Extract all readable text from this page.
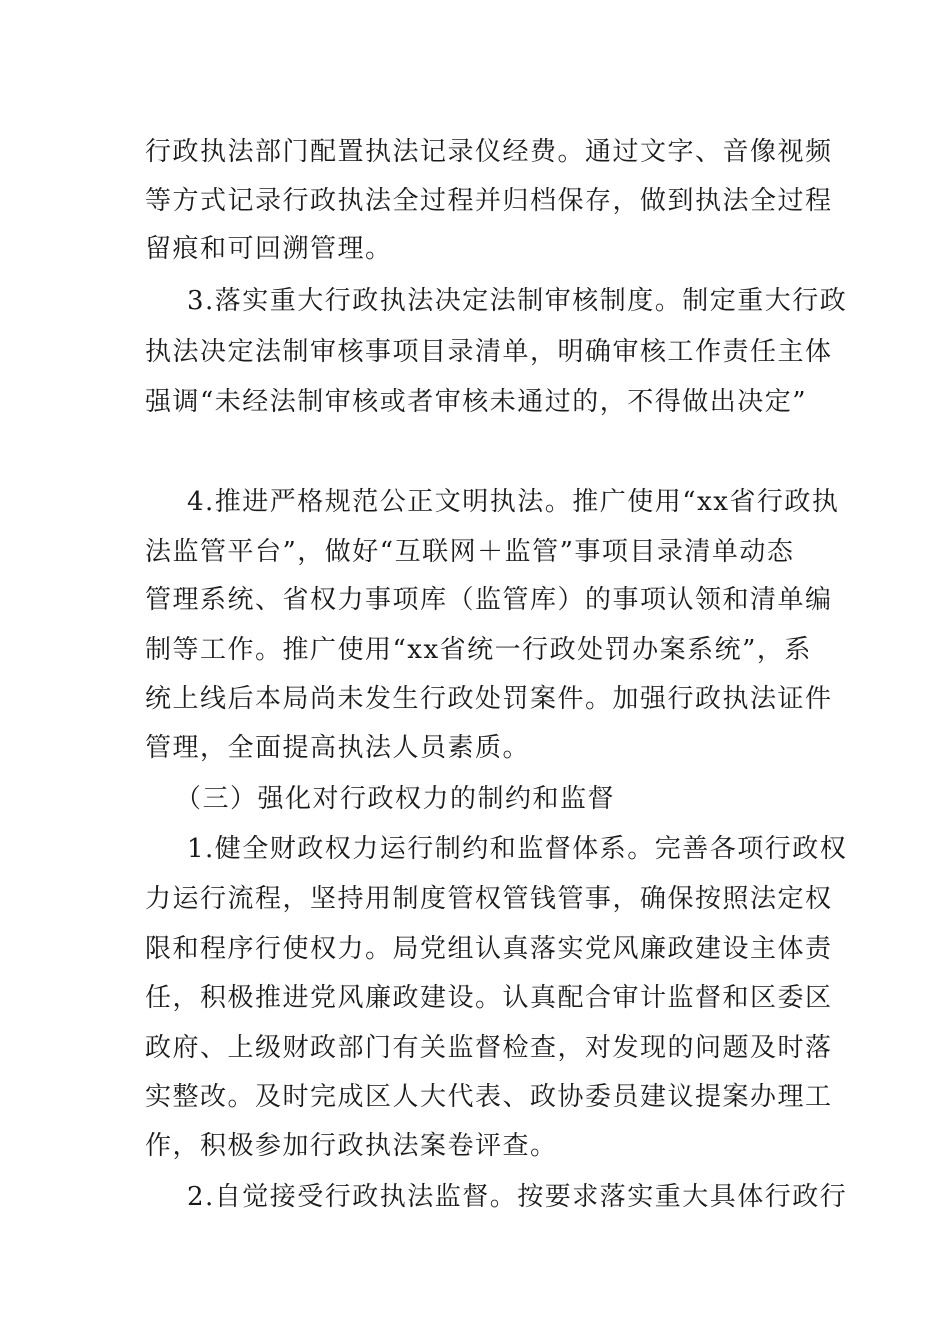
行政执法部门配置执法记录仪经费。通过文字、音像视频
等方式记录行政执法全过程并归档保存，做到执法全过程
留痕和可回溯管理。
3.落实重大行政执法决定法制审核制度。制定重大行政
执法决定法制审核事项目录清单，明确审核工作责任主体
强调“未经法制审核或者审核未通过的，不得做出决定”
4.推进严格规范公正文明执法。推广使用“xx省行政执
法监管平台”，做好“互联网＋监管”事项目录清单动态
管理系统、省权力事项库（监管库）的事项认领和清单编
制等工作。推广使用“xx省统一行政处罚办案系统”，系
统上线后本局尚未发生行政处罚案件。加强行政执法证件
管理，全面提高执法人员素质。
（三）强化对行政权力的制约和监督
1.健全财政权力运行制约和监督体系。完善各项行政权
力运行流程，坚持用制度管权管钱管事，确保按照法定权
限和程序行使权力。局党组认真落实党风廉政建设主体责
任，积极推进党风廉政建设。认真配合审计监督和区委区
政府、上级财政部门有关监督检查，对发现的问题及时落
实整改。及时完成区人大代表、政协委员建议提案办理工
作，积极参加行政执法案卷评查。
2.自觉接受行政执法监督。按要求落实重大具体行政行
